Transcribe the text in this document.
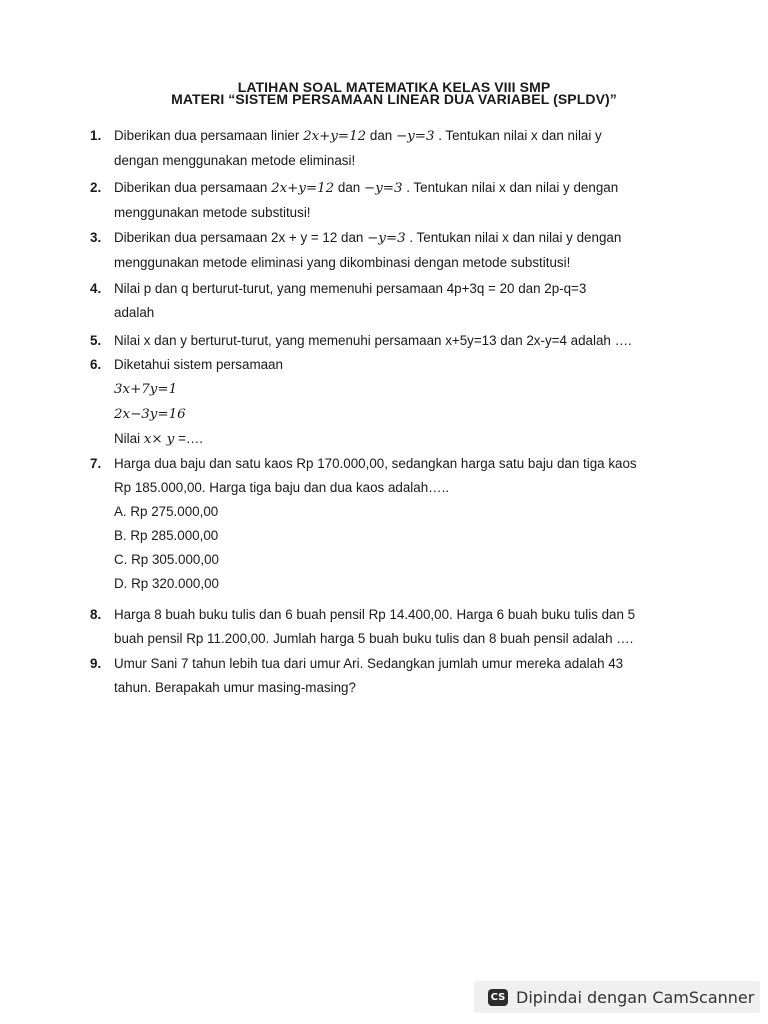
LATIHAN SOAL MATEMATIKA KELAS VIII SMP
MATERI “SISTEM PERSAMAAN LINEAR DUA VARIABEL (SPLDV)”
1. Diberikan dua persamaan linier 2x+y=12 dan −y=3 . Tentukan nilai x dan nilai y
dengan menggunakan metode eliminasi!
2. Diberikan dua persamaan 2x+y=12 dan −y=3 . Tentukan nilai x dan nilai y dengan
menggunakan metode substitusi!
3. Diberikan dua persamaan 2x + y = 12 dan −y=3 . Tentukan nilai x dan nilai y dengan
menggunakan metode eliminasi yang dikombinasi dengan metode substitusi!
4. Nilai p dan q berturut-turut, yang memenuhi persamaan 4p+3q = 20 dan 2p-q=3
adalah
5. Nilai x dan y berturut-turut, yang memenuhi persamaan x+5y=13 dan 2x-y=4 adalah ….
6. Diketahui sistem persamaan
3x+7y=1
2x−3y=16
Nilai x× y =….
7. Harga dua baju dan satu kaos Rp 170.000,00, sedangkan harga satu baju dan tiga kaos
Rp 185.000,00. Harga tiga baju dan dua kaos adalah…..
A. Rp 275.000,00
B. Rp 285.000,00
C. Rp 305.000,00
D. Rp 320.000,00
8. Harga 8 buah buku tulis dan 6 buah pensil Rp 14.400,00. Harga 6 buah buku tulis dan 5
buah pensil Rp 11.200,00. Jumlah harga 5 buah buku tulis dan 8 buah pensil adalah ….
9. Umur Sani 7 tahun lebih tua dari umur Ari. Sedangkan jumlah umur mereka adalah 43
tahun. Berapakah umur masing-masing?
CS Dipindai dengan CamScanner
